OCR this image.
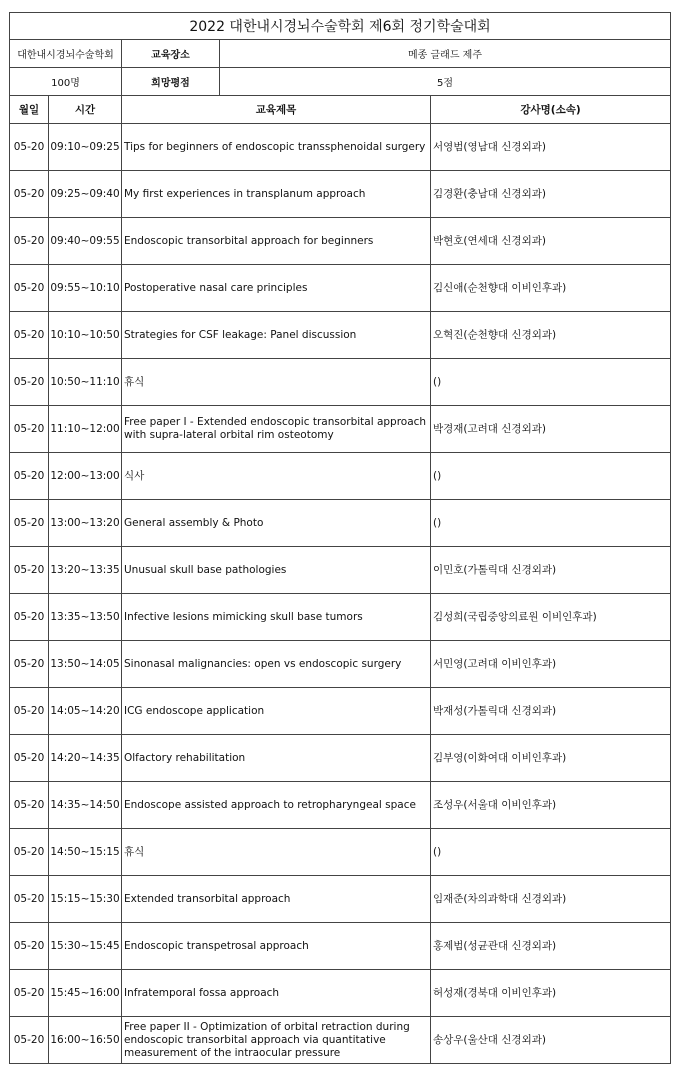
2022 대한내시경뇌수술학회 제6회 정기학술대회			
대한내시경뇌수술학회		교육장소 메종 글래드 제주	

100명		희망평점 5점	

월일	시간	교육제목	강사명(소속)
05-20	09:10~09:25	Tips for beginners of endoscopic transsphenoidal surgery	서영범(영남대 신경외과)
05-20	09:25~09:40	My first experiences in transplanum approach	김경환(충남대 신경외과)
05-20	09:40~09:55	Endoscopic transorbital approach for beginners	박현호(연세대 신경외과)
05-20	09:55~10:10	Postoperative nasal care principles	김신애(순천향대 이비인후과)
05-20	10:10~10:50	Strategies for CSF leakage: Panel discussion	오혁진(순천향대 신경외과)
05-20	10:50~11:10	휴식	()
05-20	11:10~12:00	Free paper I - Extended endoscopic transorbital approach with supra-lateral orbital rim osteotomy	박경재(고려대 신경외과)
05-20	12:00~13:00	식사	()
05-20	13:00~13:20	General assembly & Photo	()
05-20	13:20~13:35	Unusual skull base pathologies	이민호(가톨릭대 신경외과)
05-20	13:35~13:50	Infective lesions mimicking skull base tumors	김성희(국립중앙의료원 이비인후과)
05-20	13:50~14:05	Sinonasal malignancies: open vs endoscopic surgery	서민영(고려대 이비인후과)
05-20	14:05~14:20	ICG endoscope application	박재성(가톨릭대 신경외과)
05-20	14:20~14:35	Olfactory rehabilitation	김부영(이화여대 이비인후과)
05-20	14:35~14:50	Endoscope assisted approach to retropharyngeal space	조성우(서울대 이비인후과)
05-20	14:50~15:15	휴식	()
05-20	15:15~15:30	Extended transorbital approach	임재준(차의과학대 신경외과)
05-20	15:30~15:45	Endoscopic transpetrosal approach	홍제범(성균관대 신경외과)
05-20	15:45~16:00	Infratemporal fossa approach	허성재(경북대 이비인후과)
05-20	16:00~16:50	Free paper II - Optimization of orbital retraction during endoscopic transorbital approach via quantitative measurement of the intraocular pressure	송상우(울산대 신경외과)
